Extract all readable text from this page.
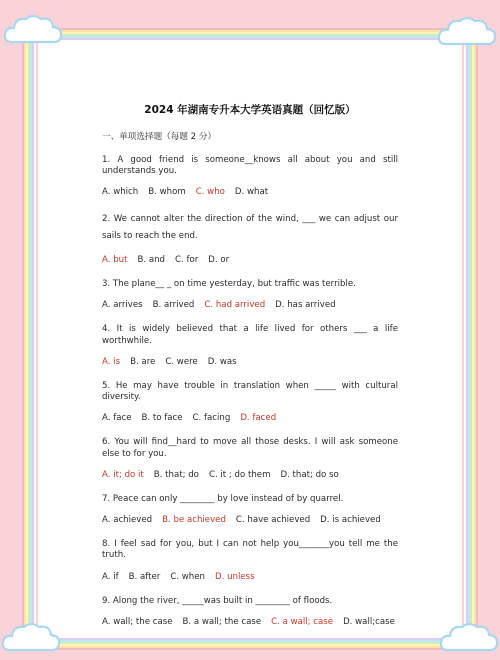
2024 年湖南专升本大学英语真题（回忆版）
一、单项选择题（每题 2 分）

1. A good friend is someone__knows all about you and still understands you.

A. which B. whom C. who D. what

2. We cannot alter the direction of the wind, ___ we can adjust our sails to reach the end.

A. but B. and C. for D. or

3. The plane__ _ on time yesterday, but traffic was terrible.

A. arrives B. arrived C. had arrived D. has arrived

4. It is widely believed that a life lived for others ___ a life worthwhile.

A. is B. are C. were D. was

5. He may have trouble in translation when _____ with cultural diversity.

A. face B. to face C. facing D. faced

6. You will find__hard to move all those desks. I will ask someone else to for you.

A. it; do it B. that; do C. it ; do them D. that; do so

7. Peace can only ________ by love instead of by quarrel.

A. achieved B. be achieved C. have achieved D. is achieved

8. I feel sad for you, but I can not help you_______you tell me the truth.

A. if B. after C. when D. unless

9. Along the river, _____was built in ________ of floods.

A. wall; the case B. a wall; the case C. a wall; case D. wall;case
